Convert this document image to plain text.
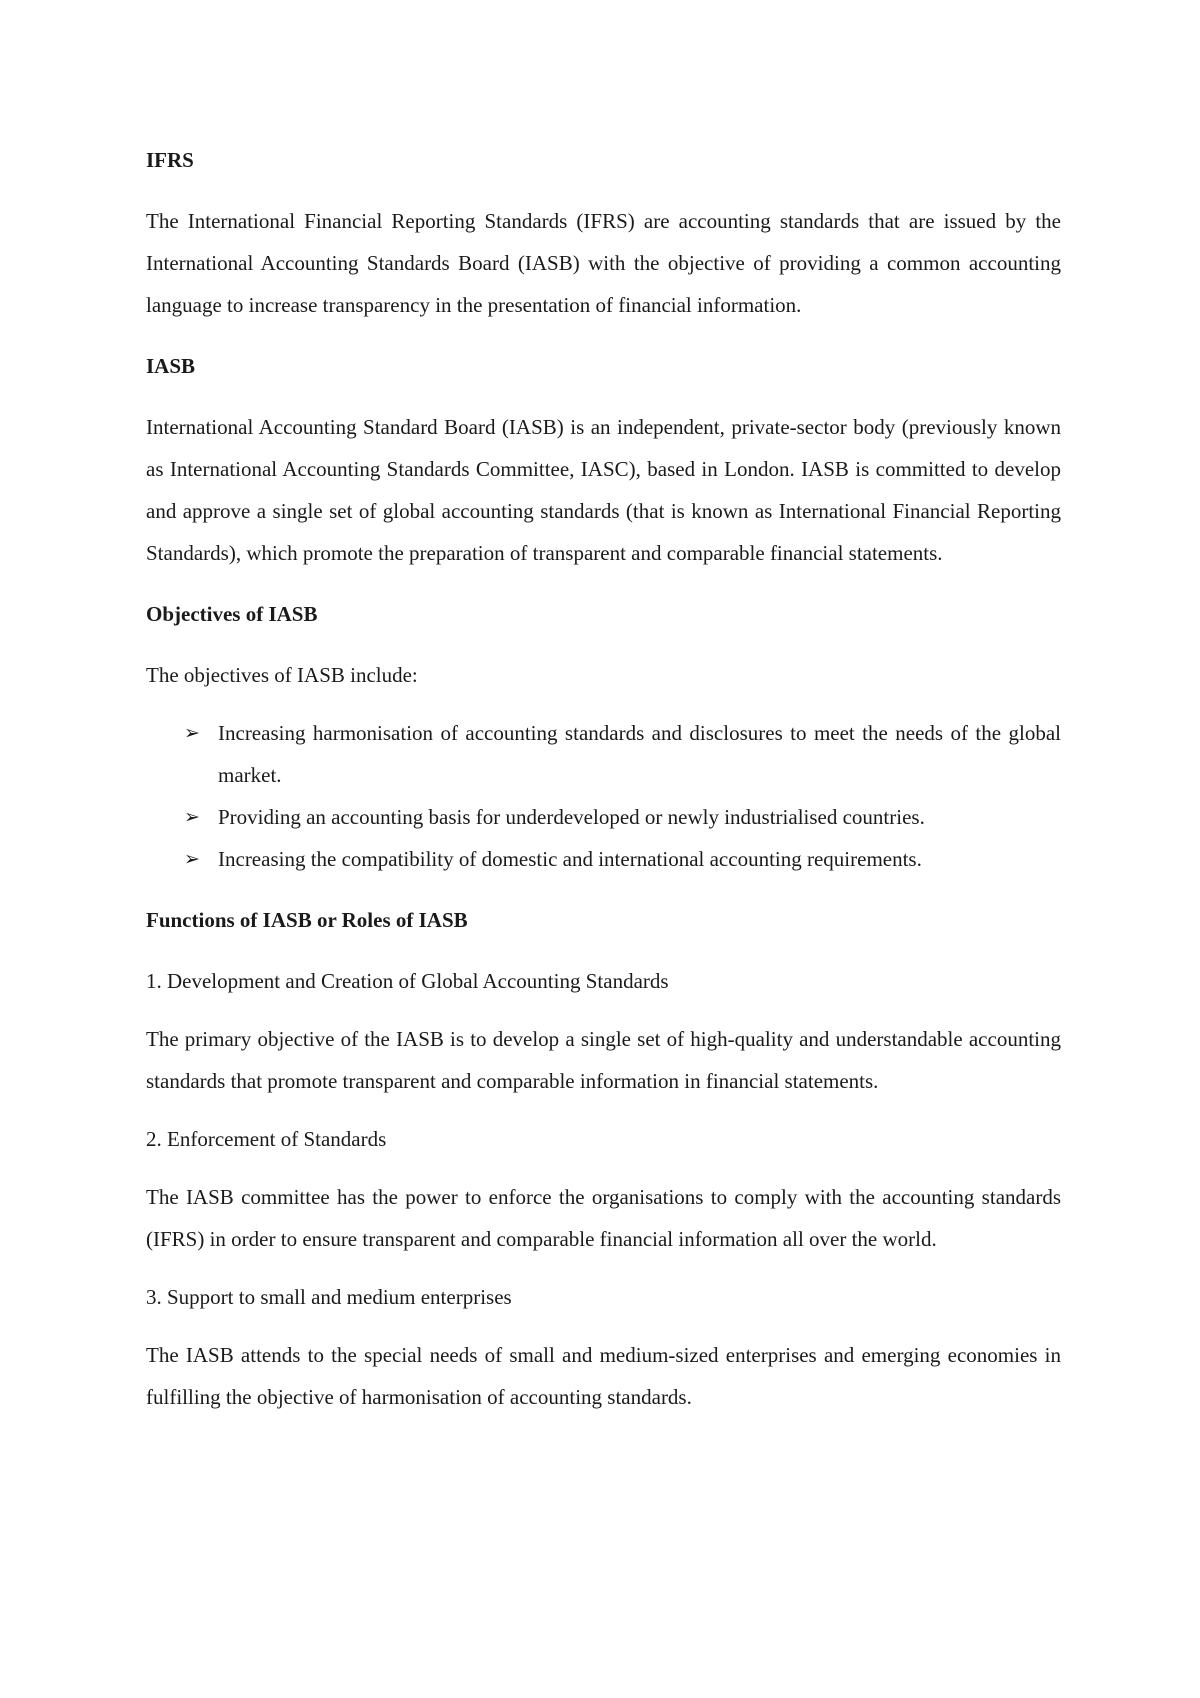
IFRS

The International Financial Reporting Standards (IFRS) are accounting standards that are issued by the International Accounting Standards Board (IASB) with the objective of providing a common accounting language to increase transparency in the presentation of financial information.

IASB

International Accounting Standard Board (IASB) is an independent, private-sector body (previously known as International Accounting Standards Committee, IASC), based in London. IASB is committed to develop and approve a single set of global accounting standards (that is known as International Financial Reporting Standards), which promote the preparation of transparent and comparable financial statements.

Objectives of IASB

The objectives of IASB include:

➢ Increasing harmonisation of accounting standards and disclosures to meet the needs of the global market.
➢ Providing an accounting basis for underdeveloped or newly industrialised countries.
➢ Increasing the compatibility of domestic and international accounting requirements.
Functions of IASB or Roles of IASB

1. Development and Creation of Global Accounting Standards

The primary objective of the IASB is to develop a single set of high-quality and understandable accounting standards that promote transparent and comparable information in financial statements.

2. Enforcement of Standards

The IASB committee has the power to enforce the organisations to comply with the accounting standards (IFRS) in order to ensure transparent and comparable financial information all over the world.

3. Support to small and medium enterprises

The IASB attends to the special needs of small and medium-sized enterprises and emerging economies in fulfilling the objective of harmonisation of accounting standards.
